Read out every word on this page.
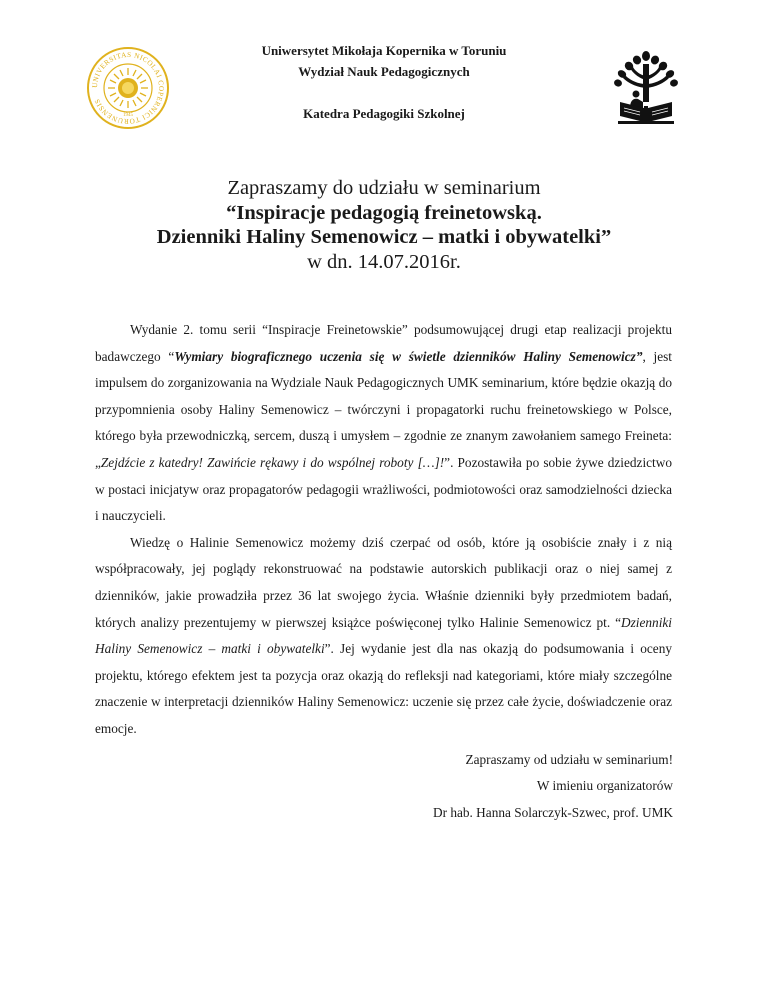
UNIVERSITAS NICOLAI COPERNICI TORUNENSIS
1945
Uniwersytet Mikołaja Kopernika w Toruniu
Wydział Nauk Pedagogicznych
Katedra Pedagogiki Szkolnej
Zapraszamy do udziału w seminarium
“Inspiracje pedagogią freinetowską.
Dzienniki Haliny Semenowicz – matki i obywatelki”
w dn. 14.07.2016r.

Wydanie 2. tomu serii “Inspiracje Freinetowskie” podsumowującej drugi etap realizacji projektu badawczego “Wymiary biograficznego uczenia się w świetle dzienników Haliny Semenowicz”, jest impulsem do zorganizowania na Wydziale Nauk Pedagogicznych UMK seminarium, które będzie okazją do przypomnienia osoby Haliny Semenowicz – twórczyni i propagatorki ruchu freinetowskiego w Polsce, którego była przewodniczką, sercem, duszą i umysłem – zgodnie ze znanym zawołaniem samego Freineta: „Zejdźcie z katedry! Zawińcie rękawy i do wspólnej roboty […]!”. Pozostawiła po sobie żywe dziedzictwo w postaci inicjatyw oraz propagatorów pedagogii wrażliwości, podmiotowości oraz samodzielności dziecka i nauczycieli.

Wiedzę o Halinie Semenowicz możemy dziś czerpać od osób, które ją osobiście znały i z nią współpracowały, jej poglądy rekonstruować na podstawie autorskich publikacji oraz o niej samej z dzienników, jakie prowadziła przez 36 lat swojego życia. Właśnie dzienniki były przedmiotem badań, których analizy prezentujemy w pierwszej książce poświęconej tylko Halinie Semenowicz pt. “Dzienniki Haliny Semenowicz – matki i obywatelki”. Jej wydanie jest dla nas okazją do podsumowania i oceny projektu, którego efektem jest ta pozycja oraz okazją do refleksji nad kategoriami, które miały szczególne znaczenie w interpretacji dzienników Haliny Semenowicz: uczenie się przez całe życie, doświadczenie oraz emocje.

Zapraszamy od udziału w seminarium!
W imieniu organizatorów
Dr hab. Hanna Solarczyk-Szwec, prof. UMK
